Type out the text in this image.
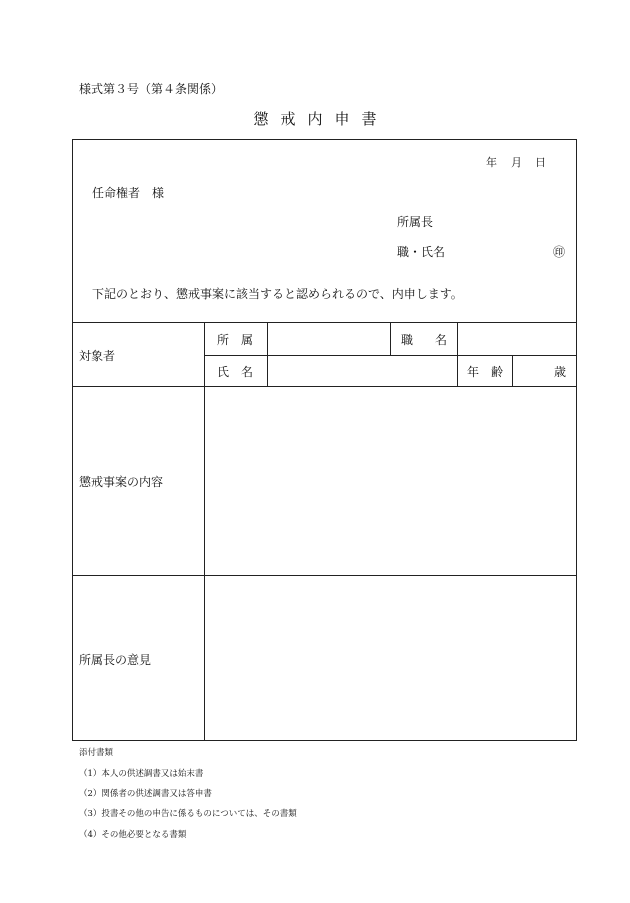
様式第３号（第４条関係）
懲戒内申書
年 月 日
任命権者　様
所属長
職・氏名	㊞
下記のとおり、懲戒事案に該当すると認められるので、内申します。
対象者
所属	職名
氏名	年齢	歳
懲戒事案の内容
所属長の意見
添付書類
（1）本人の供述調書又は始末書
（2）関係者の供述調書又は答申書
（3）投書その他の申告に係るものについては、その書類
（4）その他必要となる書類
